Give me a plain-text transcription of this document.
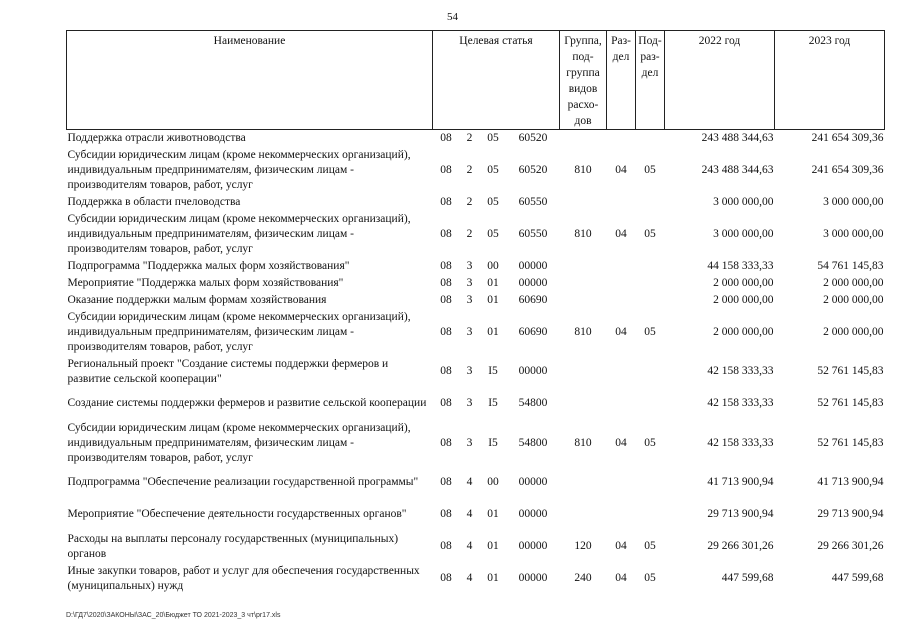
54
Наименование	Целевая статья				Группа, под-группа видов расхо-дов	Раз-дел	Под-раз-дел	2022 год	2023 год
Поддержка отрасли животноводства	08	2	05	60520				243 488 344,63	241 654 309,36
Субсидии юридическим лицам (кроме некоммерческих организаций), индивидуальным предпринимателям, физическим лицам - производителям товаров, работ, услуг	08	2	05	60520	810	04	05	243 488 344,63	241 654 309,36
Поддержка в области пчеловодства	08	2	05	60550				3 000 000,00	3 000 000,00
Субсидии юридическим лицам (кроме некоммерческих организаций), индивидуальным предпринимателям, физическим лицам - производителям товаров, работ, услуг	08	2	05	60550	810	04	05	3 000 000,00	3 000 000,00
Подпрограмма "Поддержка малых форм хозяйствования"	08	3	00	00000				44 158 333,33	54 761 145,83
Мероприятие "Поддержка малых форм хозяйствования"	08	3	01	00000				2 000 000,00	2 000 000,00
Оказание поддержки малым формам хозяйствования	08	3	01	60690				2 000 000,00	2 000 000,00
Субсидии юридическим лицам (кроме некоммерческих организаций), индивидуальным предпринимателям, физическим лицам - производителям товаров, работ, услуг	08	3	01	60690	810	04	05	2 000 000,00	2 000 000,00
Региональный проект "Создание системы поддержки фермеров и развитие сельской кооперации"	08	3	I5	00000				42 158 333,33	52 761 145,83
Создание системы поддержки фермеров и развитие сельской кооперации	08	3	I5	54800				42 158 333,33	52 761 145,83
Субсидии юридическим лицам (кроме некоммерческих организаций), индивидуальным предпринимателям, физическим лицам - производителям товаров, работ, услуг	08	3	I5	54800	810	04	05	42 158 333,33	52 761 145,83
Подпрограмма "Обеспечение реализации государственной программы"	08	4	00	00000				41 713 900,94	41 713 900,94
Мероприятие "Обеспечение деятельности государственных органов"	08	4	01	00000				29 713 900,94	29 713 900,94
Расходы на выплаты персоналу государственных (муниципальных) органов	08	4	01	00000	120	04	05	29 266 301,26	29 266 301,26
Иные закупки товаров, работ и услуг для обеспечения государственных (муниципальных) нужд	08	4	01	00000	240	04	05	447 599,68	447 599,68
D:\ГД7\2020\ЗАКОНЫ\ЗАС_20\Бюджет ТО 2021-2023_3 чт\pr17.xls
